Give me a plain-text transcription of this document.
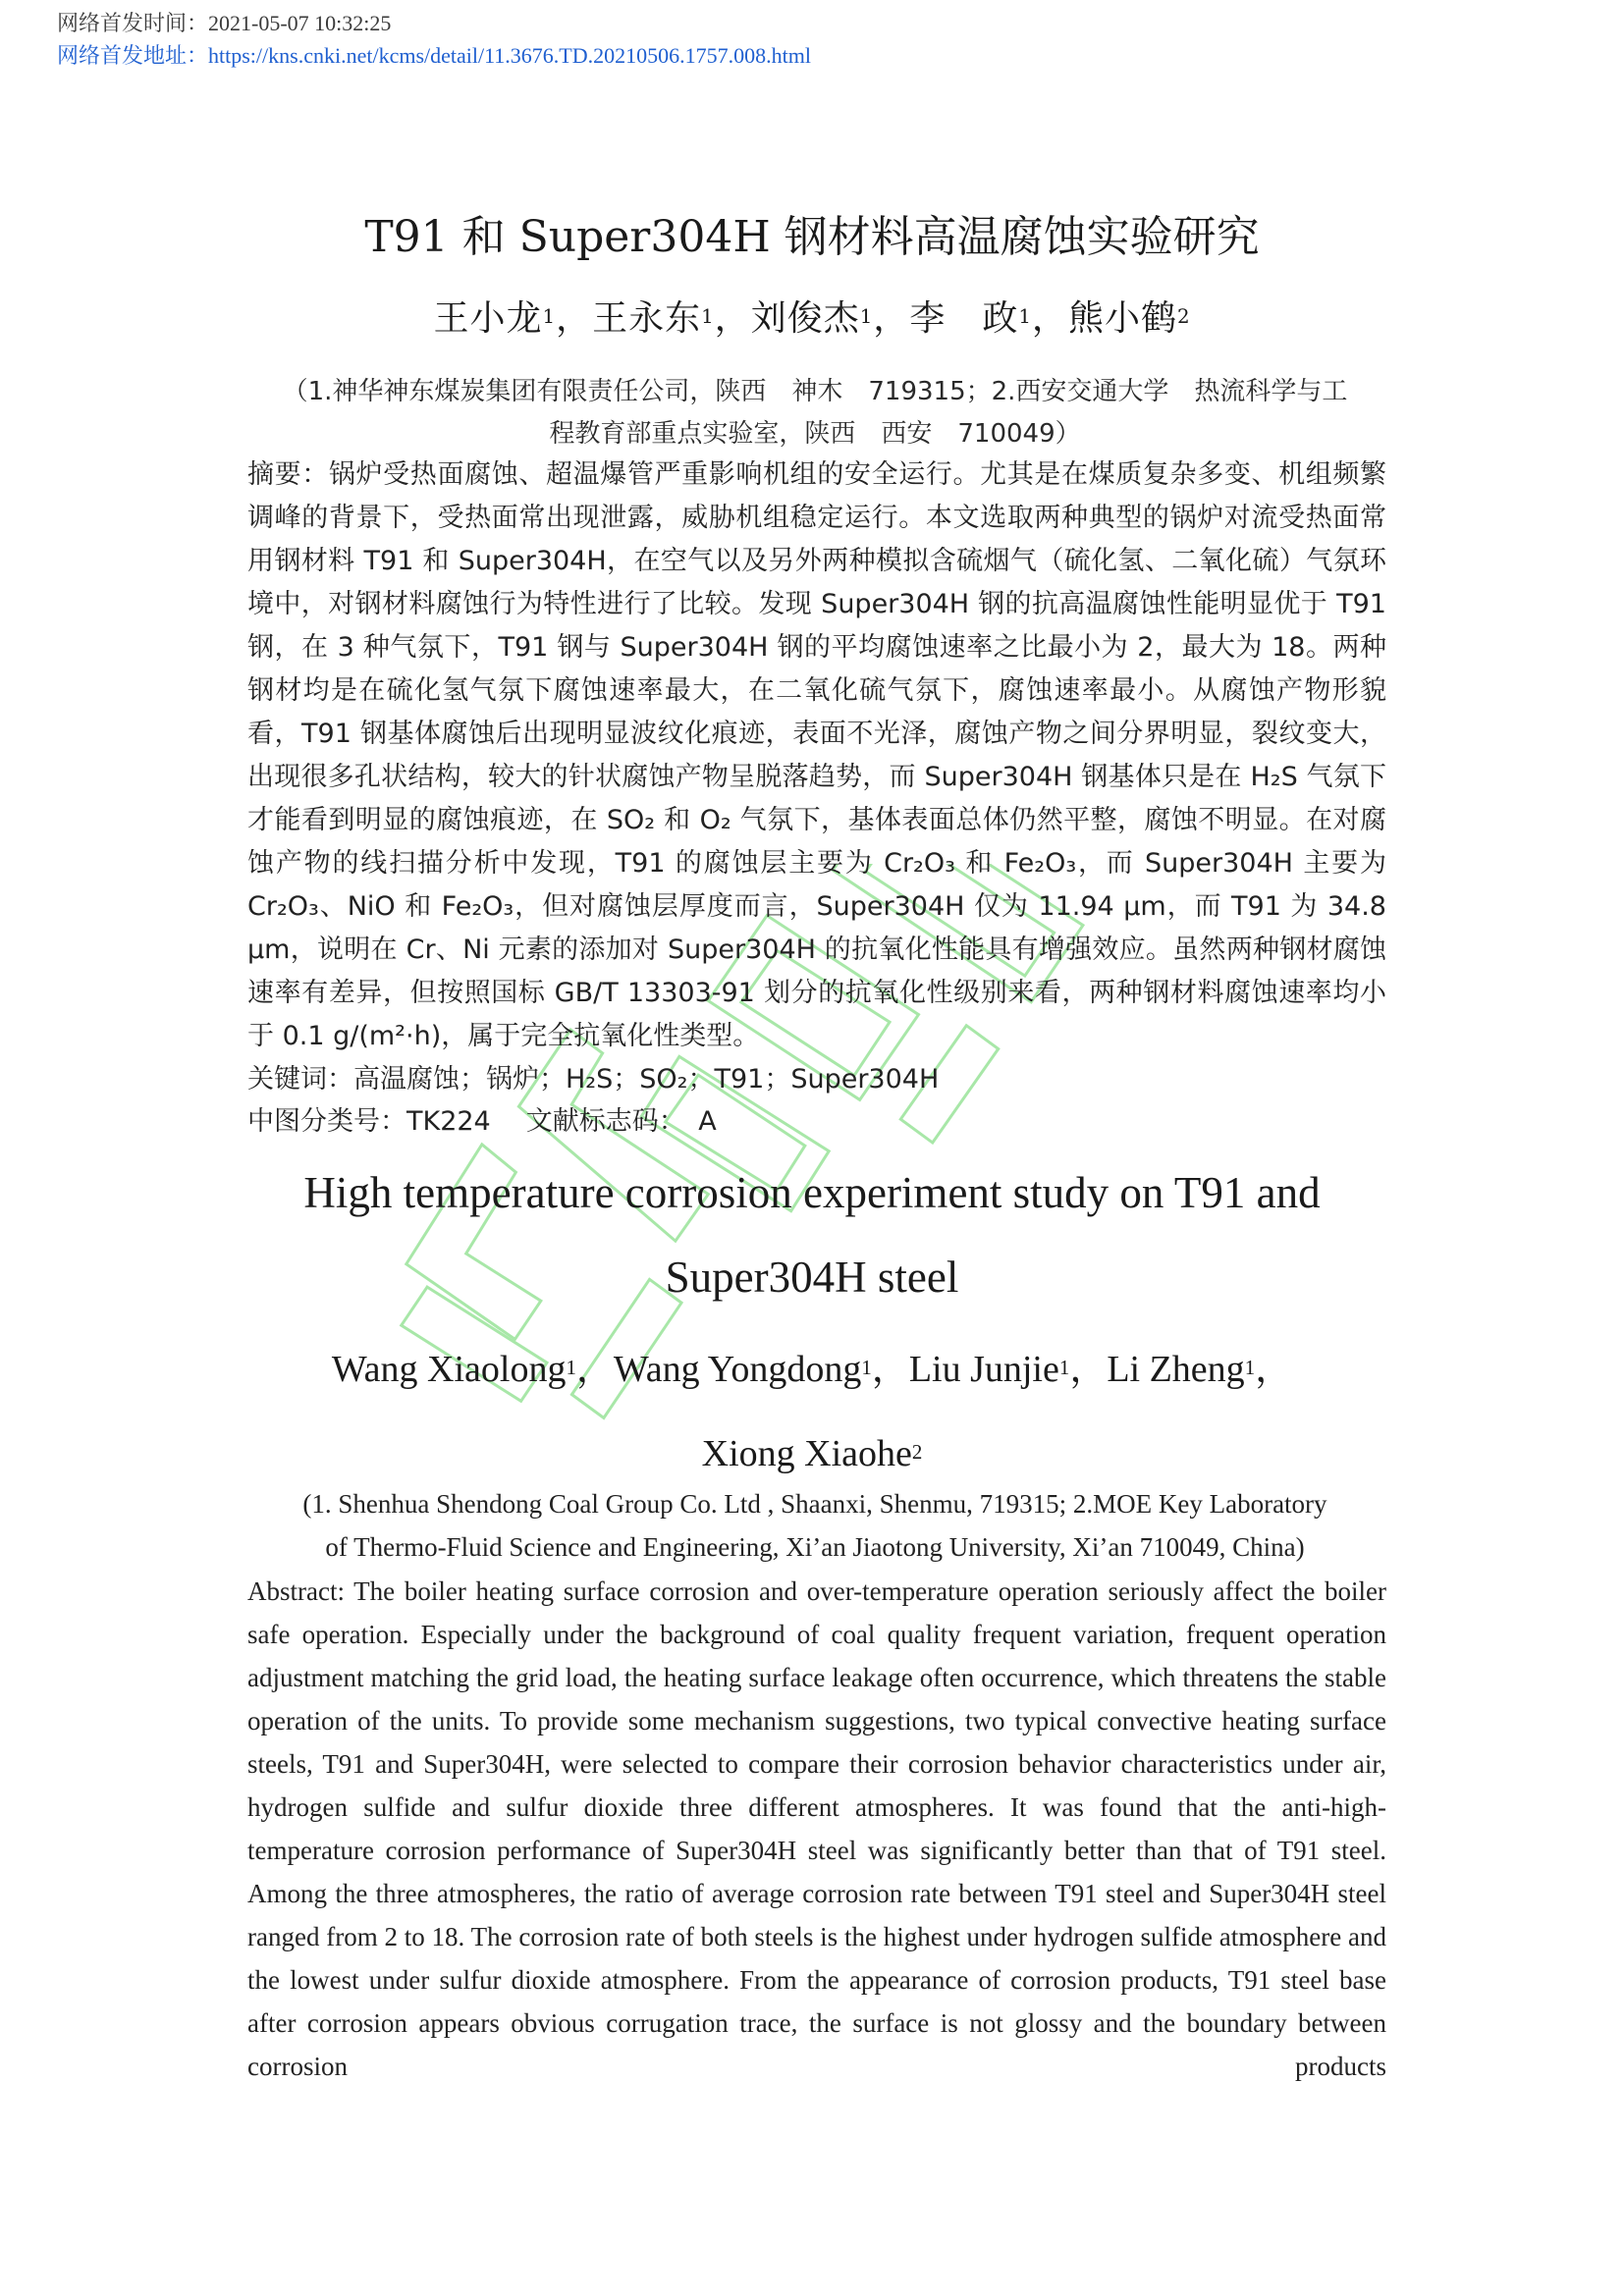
网络首发时间：2021-05-07 10:32:25
网络首发地址：https://kns.cnki.net/kcms/detail/11.3676.TD.20210506.1757.008.html
T91 和 Super304H 钢材料高温腐蚀实验研究
王小龙$^1$，王永东$^1$，刘俊杰$^1$，李　政$^1$，熊小鹤$^2$
（1.神华神东煤炭集团有限责任公司，陕西　神木　719315；2.西安交通大学　热流科学与工
程教育部重点实验室，陕西　西安　710049）

摘要：锅炉受热面腐蚀、超温爆管严重影响机组的安全运行。尤其是在煤质复杂多变、机组频繁调峰的背景下，受热面常出现泄露，威胁机组稳定运行。本文选取两种典型的锅炉对流受热面常用钢材料 T91 和 Super304H，在空气以及另外两种模拟含硫烟气（硫化氢、二氧化硫）气氛环境中，对钢材料腐蚀行为特性进行了比较。发现 Super304H 钢的抗高温腐蚀性能明显优于 T91 钢，在 3 种气氛下，T91 钢与 Super304H 钢的平均腐蚀速率之比最小为 2，最大为 18。两种钢材均是在硫化氢气氛下腐蚀速率最大，在二氧化硫气氛下，腐蚀速率最小。从腐蚀产物形貌看，T91 钢基体腐蚀后出现明显波纹化痕迹，表面不光泽，腐蚀产物之间分界明显，裂纹变大，出现很多孔状结构，较大的针状腐蚀产物呈脱落趋势，而 Super304H 钢基体只是在 H₂S 气氛下才能看到明显的腐蚀痕迹，在 SO₂ 和 O₂ 气氛下，基体表面总体仍然平整，腐蚀不明显。在对腐蚀产物的线扫描分析中发现，T91 的腐蚀层主要为 Cr₂O₃ 和 Fe₂O₃，而 Super304H 主要为 Cr₂O₃、NiO 和 Fe₂O₃，但对腐蚀层厚度而言，Super304H 仅为 11.94 μm，而 T91 为 34.8 μm，说明在 Cr、Ni 元素的添加对 Super304H 的抗氧化性能具有增强效应。虽然两种钢材腐蚀速率有差异，但按照国标 GB/T 13303-91 划分的抗氧化性级别来看，两种钢材料腐蚀速率均小于 0.1 g/(m²·h)，属于完全抗氧化性类型。

关键词：高温腐蚀；锅炉；H₂S；SO₂；T91；Super304H
中图分类号：TK224 文献标志码：　A
High temperature corrosion experiment study on T91 and
Super304H steel
Wang Xiaolong$^1$，Wang Yongdong$^1$，Liu Junjie$^1$，Li Zheng$^1$，
Xiong Xiaohe$^2$
(1. Shenhua Shendong Coal Group Co. Ltd , Shaanxi, Shenmu, 719315; 2.MOE Key Laboratory
of Thermo-Fluid Science and Engineering, Xi’an Jiaotong University, Xi’an 710049, China)

Abstract: The boiler heating surface corrosion and over-temperature operation seriously affect the boiler safe operation. Especially under the background of coal quality frequent variation, frequent operation adjustment matching the grid load, the heating surface leakage often occurrence, which threatens the stable operation of the units. To provide some mechanism suggestions, two typical convective heating surface steels, T91 and Super304H, were selected to compare their corrosion behavior characteristics under air, hydrogen sulfide and sulfur dioxide three different atmospheres. It was found that the anti-high-temperature corrosion performance of Super304H steel was significantly better than that of T91 steel. Among the three atmospheres, the ratio of average corrosion rate between T91 steel and Super304H steel ranged from 2 to 18. The corrosion rate of both steels is the highest under hydrogen sulfide atmosphere and the lowest under sulfur dioxide atmosphere. From the appearance of corrosion products, T91 steel base after corrosion appears obvious corrugation trace, the surface is not glossy and the boundary between corrosion products
